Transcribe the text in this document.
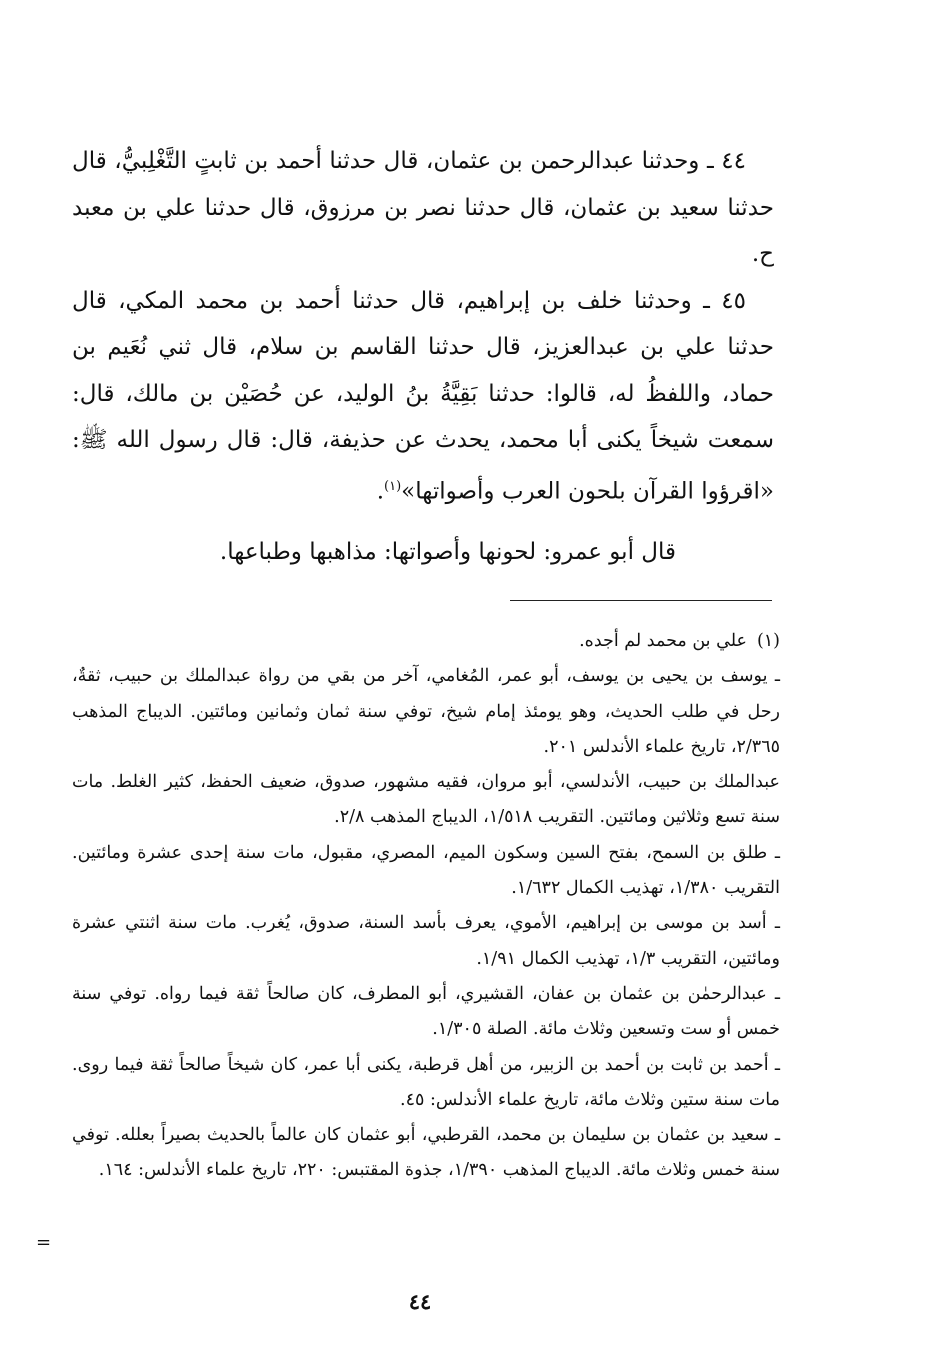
٤٤ ـ وحدثنا عبدالرحمن بن عثمان، قال حدثنا أحمد بن ثابتٍ التَّغْلِبيُّ، قال حدثنا سعيد بن عثمان، قال حدثنا نصر بن مرزوق، قال حدثنا علي بن معبد ح.

٤٥ ـ وحدثنا خلف بن إبراهيم، قال حدثنا أحمد بن محمد المكي، قال حدثنا علي بن عبدالعزيز، قال حدثنا القاسم بن سلام، قال ثني نُعَيم بن حماد، واللفظُ له، قالوا: حدثنا بَقِيَّةُ بنُ الوليد، عن حُصَيْن بن مالك، قال: سمعت شيخاً يكنى أبا محمد، يحدث عن حذيفة، قال: قال رسول الله ﷺ: «اقرؤوا القرآن بلحون العرب وأصواتها»$^{(١)}$.

قال أبو عمرو: لحونها وأصواتها: مذاهبها وطباعها.

(١)علي بن محمد لم أجده.

ـ يوسف بن يحيى بن يوسف، أبو عمر، المُغامي، آخر من بقي من رواة عبدالملك بن حبيب، ثقةٌ، رحل في طلب الحديث، وهو يومئذ إمام شيخ، توفي سنة ثمان وثمانين ومائتين. الديباج المذهب ٢/٣٦٥، تاريخ علماء الأندلس ٢٠١.

عبدالملك بن حبيب، الأندلسي، أبو مروان، فقيه مشهور، صدوق، ضعيف الحفظ، كثير الغلط. مات سنة تسع وثلاثين ومائتين. التقريب ١/٥١٨، الديباج المذهب ٢/٨.

ـ طلق بن السمح، بفتح السين وسكون الميم، المصري، مقبول، مات سنة إحدى عشرة ومائتين. التقريب ١/٣٨٠، تهذيب الكمال ١/٦٣٢.

ـ أسد بن موسى بن إبراهيم، الأموي، يعرف بأسد السنة، صدوق، يُغرب. مات سنة اثنتي عشرة ومائتين، التقريب ١/٣، تهذيب الكمال ١/٩١.

ـ عبدالرحمٰن بن عثمان بن عفان، القشيري، أبو المطرف، كان صالحاً ثقة فيما رواه. توفي سنة خمس أو ست وتسعين وثلاث مائة. الصلة ١/٣٠٥.

ـ أحمد بن ثابت بن أحمد بن الزبير، من أهل قرطبة، يكنى أبا عمر، كان شيخاً صالحاً ثقة فيما روى. مات سنة ستين وثلاث مائة، تاريخ علماء الأندلس: ٤٥.

ـ سعيد بن عثمان بن سليمان بن محمد، القرطبي، أبو عثمان كان عالماً بالحديث بصيراً بعلله. توفي سنة خمس وثلاث مائة. الديباج المذهب ١/٣٩٠، جذوة المقتبس: ٢٢٠، تاريخ علماء الأندلس: ١٦٤.

٤٤
=
